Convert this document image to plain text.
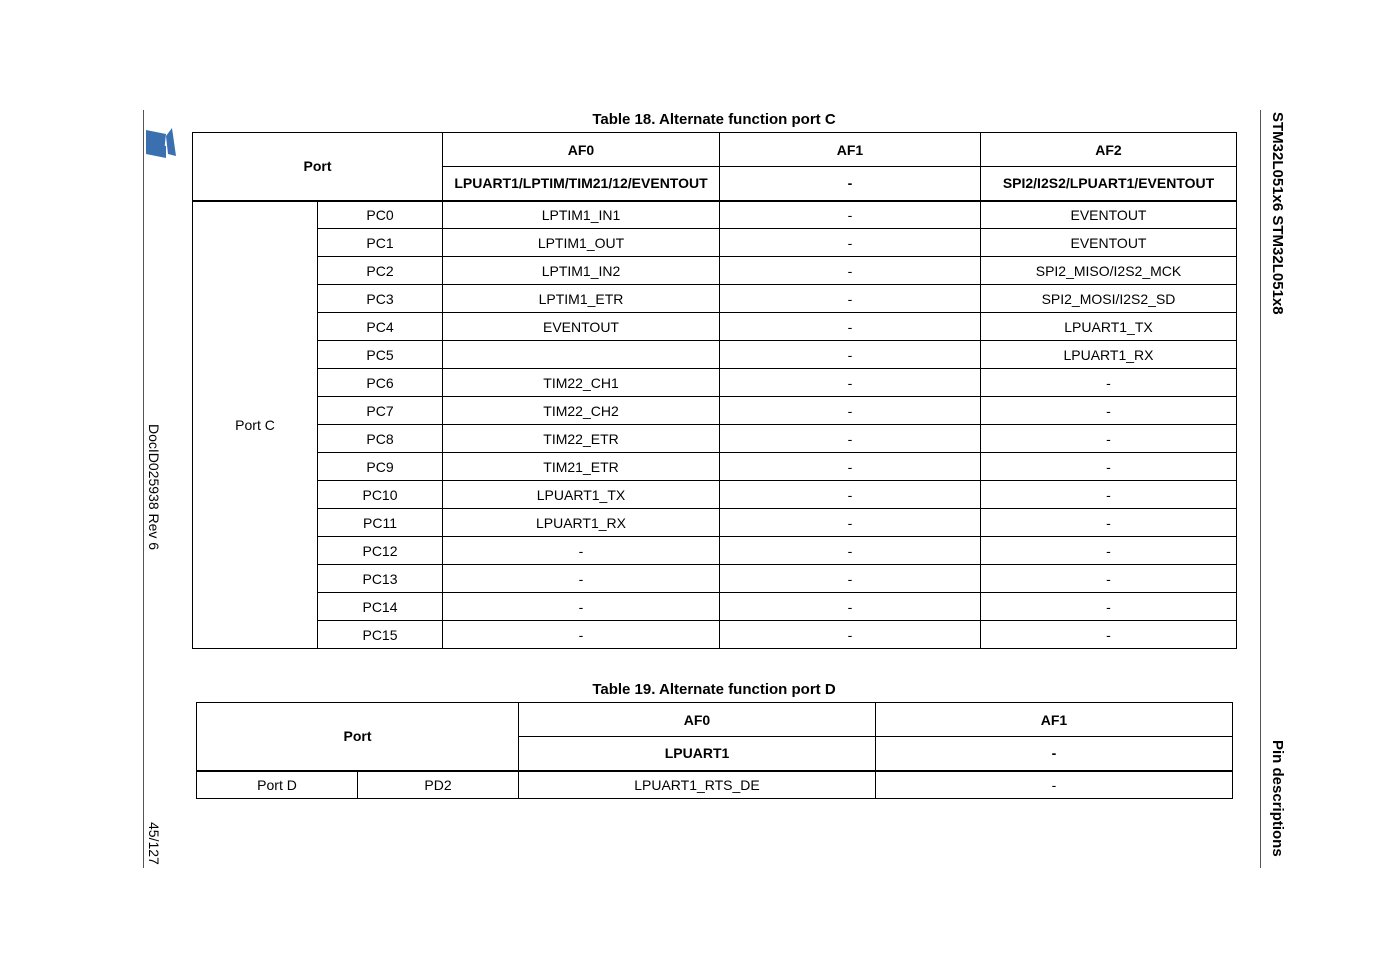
DocID025938 Rev 6
45/127
STM32L051x6 STM32L051x8
Pin descriptions
Table 18. Alternate function port C
Port		AF0	AF1	AF2
		LPUART1/LPTIM/TIM21/12/EVENTOUT	-	SPI2/I2S2/LPUART1/EVENTOUT
Port C	PC0	LPTIM1_IN1	-	EVENTOUT
	PC1	LPTIM1_OUT	-	EVENTOUT
	PC2	LPTIM1_IN2	-	SPI2_MISO/I2S2_MCK
	PC3	LPTIM1_ETR	-	SPI2_MOSI/I2S2_SD
	PC4	EVENTOUT	-	LPUART1_TX
	PC5		-	LPUART1_RX
	PC6	TIM22_CH1	-	-
	PC7	TIM22_CH2	-	-
	PC8	TIM22_ETR	-	-
	PC9	TIM21_ETR	-	-
	PC10	LPUART1_TX	-	-
	PC11	LPUART1_RX	-	-
	PC12	-	-	-
	PC13	-	-	-
	PC14	-	-	-
	PC15	-	-	-
Table 19. Alternate function port D
Port		AF0	AF1
		LPUART1	-
Port D	PD2	LPUART1_RTS_DE	-
